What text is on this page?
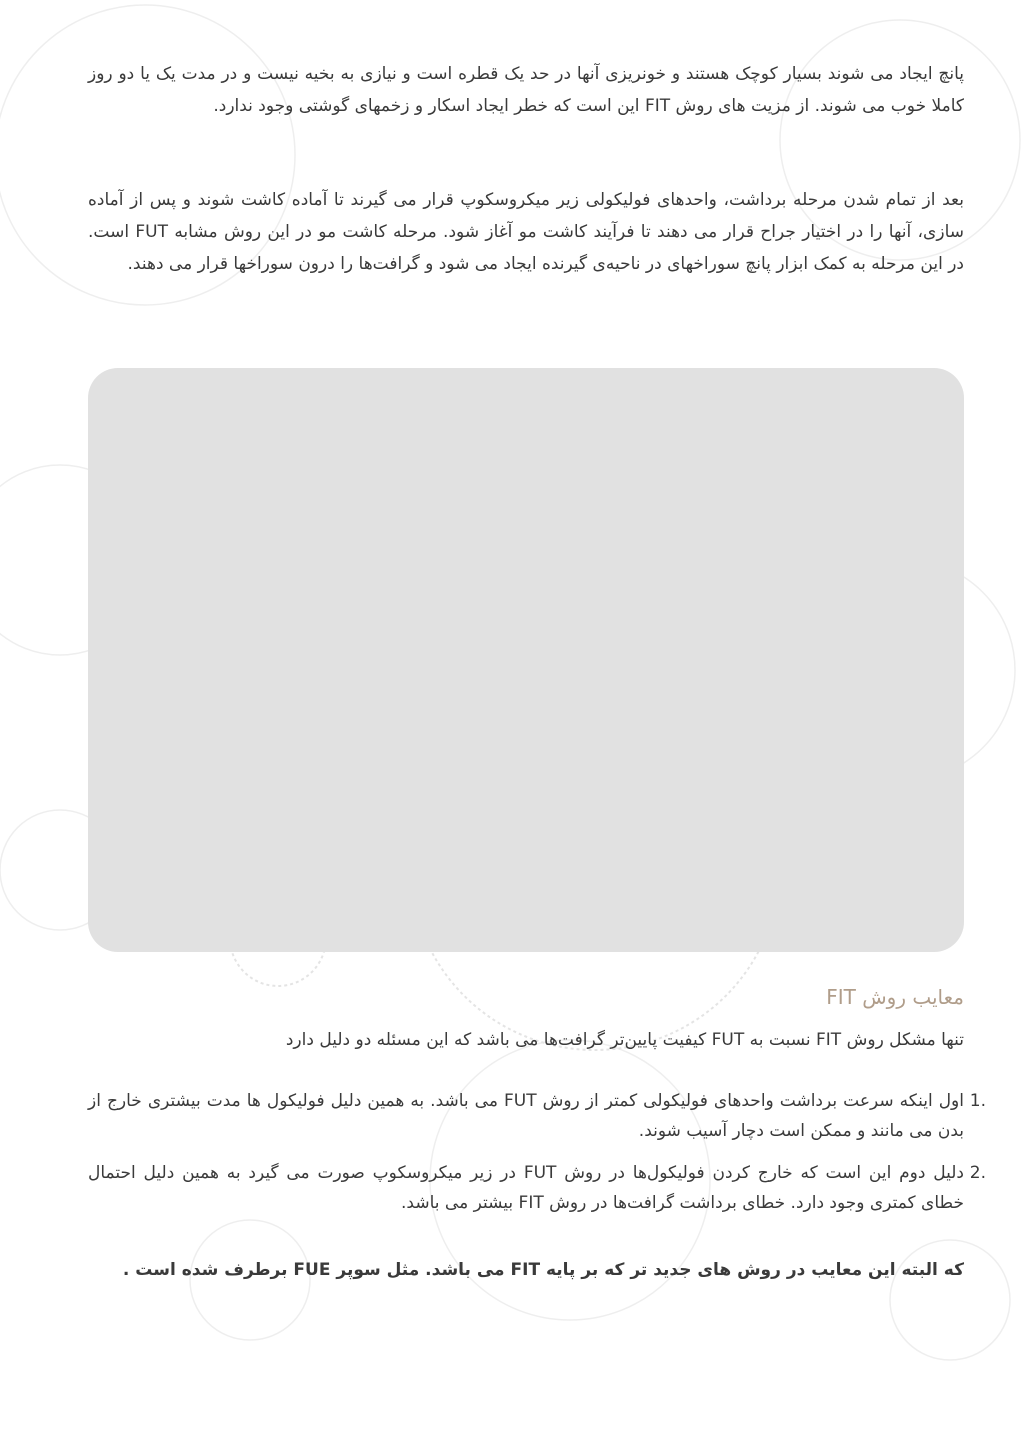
پانچ ایجاد می شوند بسیار کوچک هستند و خونریزی آنها در حد یک قطره است و نیازی به بخیه نیست و در مدت یک یا دو روز کاملا خوب می شوند. از مزیت های روش FIT این است که خطر ایجاد اسکار و زخمهای گوشتی وجود ندارد.

بعد از تمام شدن مرحله برداشت، واحدهای فولیکولی زیر میکروسکوپ قرار می گیرند تا آماده کاشت شوند و پس از آماده سازی، آنها را در اختیار جراح قرار می دهند تا فرآیند کاشت مو آغاز شود. مرحله کاشت مو در این روش مشابه FUT است. در این مرحله به کمک ابزار پانچ سوراخهای در ناحیه‌ی گیرنده ایجاد می شود و گرافت‌ها را درون سوراخها قرار می دهند.

معایب روش FIT

تنها مشکل روش FIT نسبت به FUT کیفیت پایین‌تر گرافت‌ها می باشد که این مسئله دو دلیل دارد

1.
اول اینکه سرعت برداشت واحدهای فولیکولی کمتر از روش FUT می باشد. به همین دلیل فولیکول ها مدت بیشتری خارج از بدن می مانند و ممکن است دچار آسیب شوند.
2.
دلیل دوم این است که خارج کردن فولیکول‌ها در روش FUT در زیر میکروسکوپ صورت می گیرد به همین دلیل احتمال خطای کمتری وجود دارد. خطای برداشت گرافت‌ها در روش FIT بیشتر می باشد.

که البته این معایب در روش های جدید تر که بر پایه FIT می باشد. مثل سوپر FUE برطرف شده است .
